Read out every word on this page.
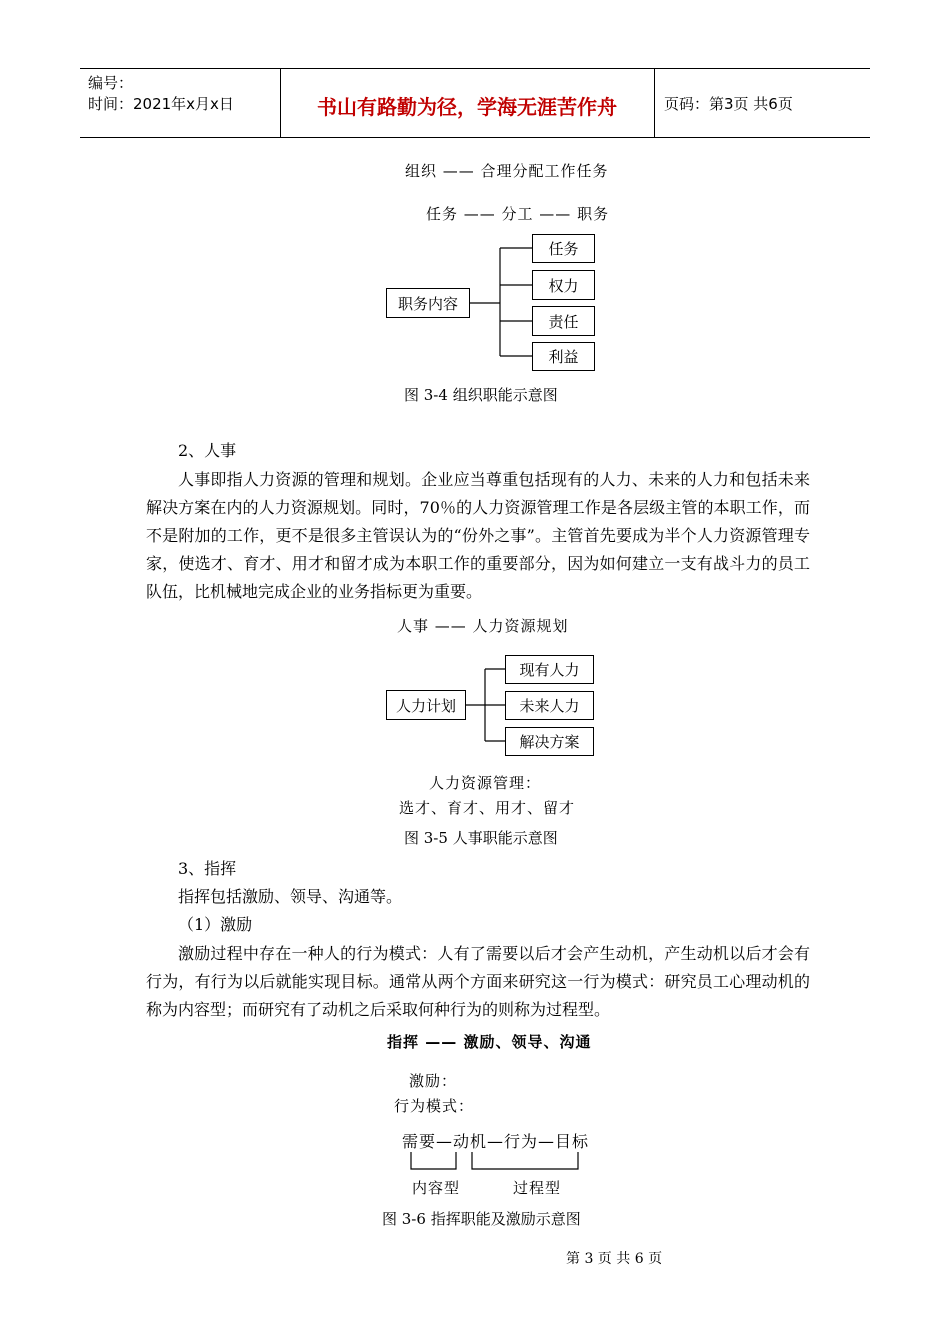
编号：
时间：2021年x月x日	书山有路勤为径，学海无涯苦作舟	页码：第3页 共6页
组织 —— 合理分配工作任务
任务 —— 分工 —— 职务
职务内容
任务
权力
责任
利益
图 3-4 组织职能示意图
2、人事
人事即指人力资源的管理和规划。企业应当尊重包括现有的人力、未来的人力和包括未来解决方案在内的人力资源规划。同时，70％的人力资源管理工作是各层级主管的本职工作，而不是附加的工作，更不是很多主管误认为的“份外之事”。主管首先要成为半个人力资源管理专家，使选才、育才、用才和留才成为本职工作的重要部分，因为如何建立一支有战斗力的员工队伍，比机械地完成企业的业务指标更为重要。
人事 —— 人力资源规划
人力计划
现有人力
未来人力
解决方案
人力资源管理：
选才、育才、用才、留才
图 3-5 人事职能示意图
3、指挥
指挥包括激励、领导、沟通等。
（1）激励
激励过程中存在一种人的行为模式：人有了需要以后才会产生动机，产生动机以后才会有行为，有行为以后就能实现目标。通常从两个方面来研究这一行为模式：研究员工心理动机的称为内容型；而研究有了动机之后采取何种行为的则称为过程型。
指挥 —— 激励、领导、沟通
激励：
行为模式：
需要—动机—行为—目标
内容型	过程型
图 3-6 指挥职能及激励示意图
第 3 页 共 6 页
